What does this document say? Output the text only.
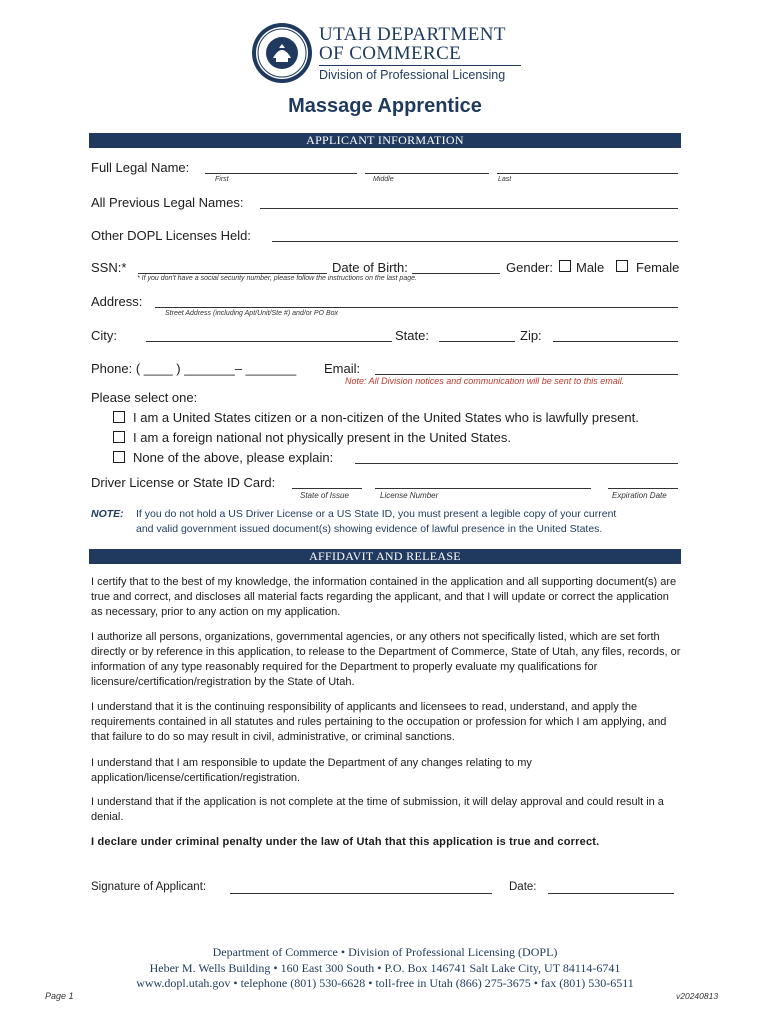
UTAH DEPARTMENT
OF COMMERCE
Division of Professional Licensing
Massage Apprentice
APPLICANT INFORMATION
Full Legal Name:
First	Middle	Last
All Previous Legal Names:
Other DOPL Licenses Held:
SSN:*
* If you don't have a social security number, please follow the instructions on the last page.
Date of Birth:	Gender: Male Female
Address:
Street Address (including Apt/Unit/Ste #) and/or PO Box
City:	State:	Zip:
Phone: ( ____ ) _______– _______ Email:
Note: All Division notices and communication will be sent to this email.
Please select one:
I am a United States citizen or a non-citizen of the United States who is lawfully present.
I am a foreign national not physically present in the United States.
None of the above, please explain:
Driver License or State ID Card:
State of Issue	License Number	Expiration Date
NOTE: If you do not hold a US Driver License or a US State ID, you must present a legible copy of your current
and valid government issued document(s) showing evidence of lawful presence in the United States.
AFFIDAVIT AND RELEASE
I certify that to the best of my knowledge, the information contained in the application and all supporting document(s) are true and correct, and discloses all material facts regarding the applicant, and that I will update or correct the application as necessary, prior to any action on my application.
I authorize all persons, organizations, governmental agencies, or any others not specifically listed, which are set forth directly or by reference in this application, to release to the Department of Commerce, State of Utah, any files, records, or information of any type reasonably required for the Department to properly evaluate my qualifications for licensure/certification/registration by the State of Utah.
I understand that it is the continuing responsibility of applicants and licensees to read, understand, and apply the requirements contained in all statutes and rules pertaining to the occupation or profession for which I am applying, and that failure to do so may result in civil, administrative, or criminal sanctions.
I understand that I am responsible to update the Department of any changes relating to my application/license/certification/registration.
I understand that if the application is not complete at the time of submission, it will delay approval and could result in a denial.
I declare under criminal penalty under the law of Utah that this application is true and correct.
Signature of Applicant:	Date:
Department of Commerce • Division of Professional Licensing (DOPL)
Heber M. Wells Building • 160 East 300 South • P.O. Box 146741 Salt Lake City, UT 84114-6741
www.dopl.utah.gov • telephone (801) 530-6628 • toll-free in Utah (866) 275-3675 • fax (801) 530-6511
Page 1	v20240813
